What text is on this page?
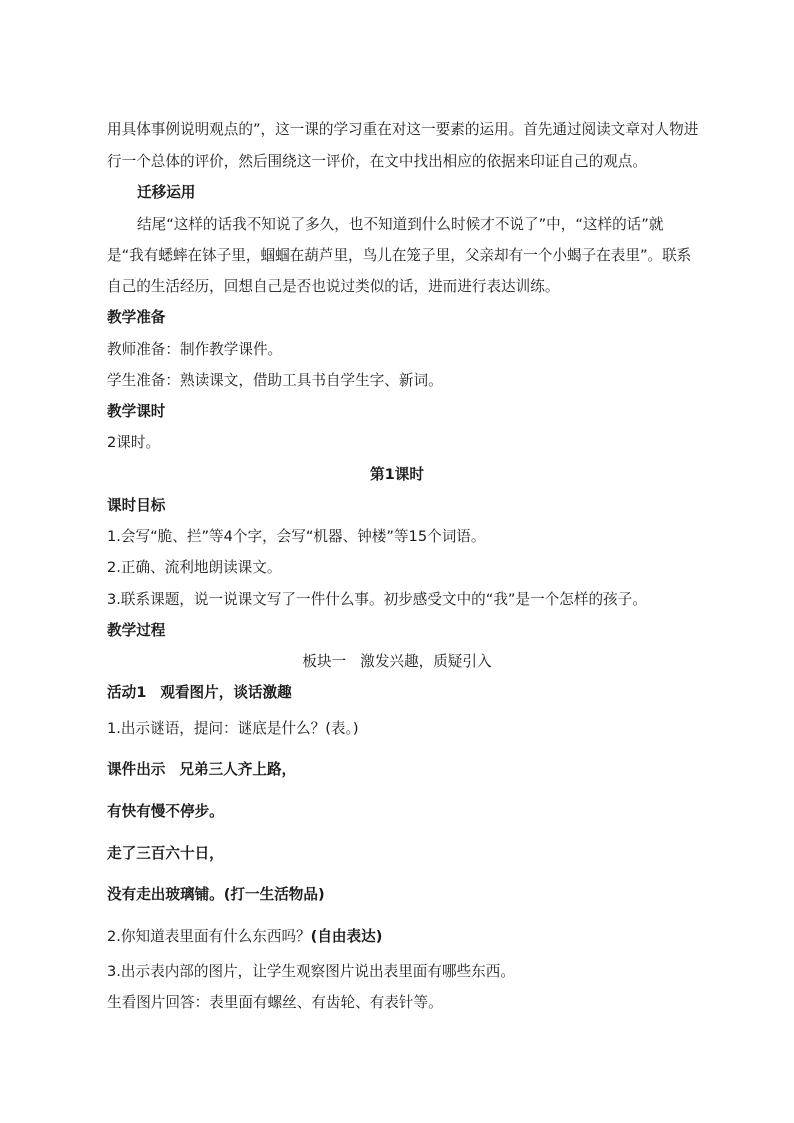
用具体事例说明观点的”，这一课的学习重在对这一要素的运用。首先通过阅读文章对人物进
行一个总体的评价，然后围绕这一评价，在文中找出相应的依据来印证自己的观点。
迁移运用
结尾“这样的话我不知说了多久，也不知道到什么时候才不说了”中，“这样的话”就
是“我有蟋蟀在钵子里，蝈蝈在葫芦里，鸟儿在笼子里，父亲却有一个小蝎子在表里”。联系
自己的生活经历，回想自己是否也说过类似的话，进而进行表达训练。
教学准备
教师准备：制作教学课件。
学生准备：熟读课文，借助工具书自学生字、新词。
教学课时
2课时。
第1课时
课时目标
1.会写“脆、拦”等4个字，会写“机器、钟楼”等15个词语。
2.正确、流利地朗读课文。
3.联系课题，说一说课文写了一件什么事。初步感受文中的“我”是一个怎样的孩子。
教学过程
板块一 激发兴趣，质疑引入
活动1 观看图片，谈话激趣
1.出示谜语，提问：谜底是什么？(表。)
课件出示 兄弟三人齐上路，
有快有慢不停步。
走了三百六十日，
没有走出玻璃铺。(打一生活物品)
2.你知道表里面有什么东西吗？(自由表达)
3.出示表内部的图片，让学生观察图片说出表里面有哪些东西。
生看图片回答：表里面有螺丝、有齿轮、有表针等。
